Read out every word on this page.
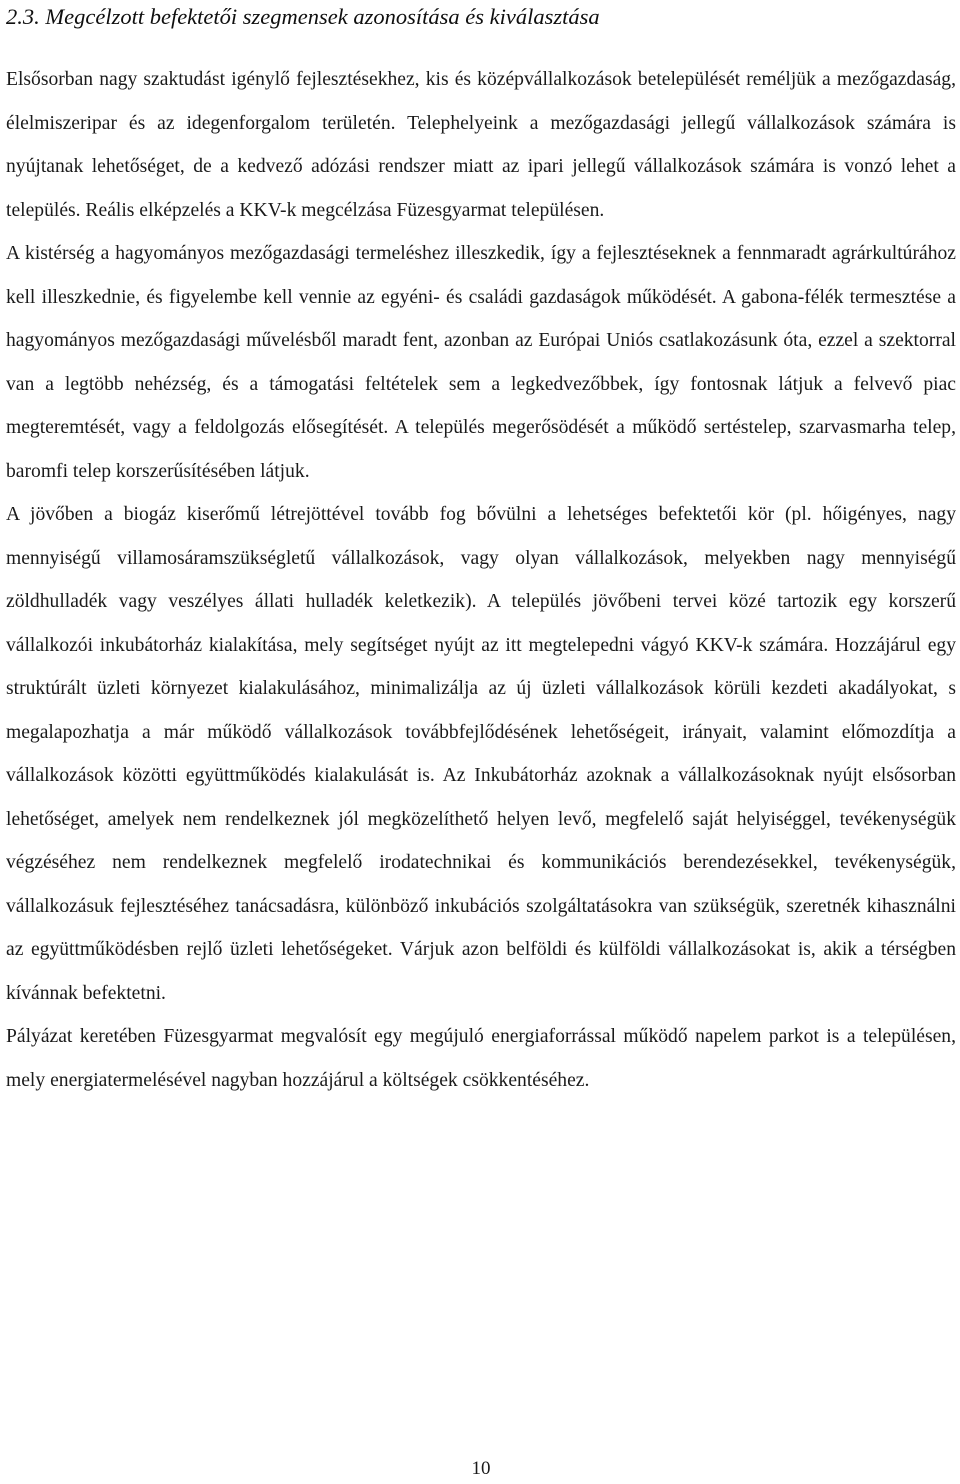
2.3. Megcélzott befektetői szegmensek azonosítása és kiválasztása

Elsősorban nagy szaktudást igénylő fejlesztésekhez, kis és középvállalkozások betelepülését reméljük a mezőgazdaság, élelmiszeripar és az idegenforgalom területén. Telephelyeink a mezőgazdasági jellegű vállalkozások számára is nyújtanak lehetőséget, de a kedvező adózási rendszer miatt az ipari jellegű vállalkozások számára is vonzó lehet a település. Reális elképzelés a KKV-k megcélzása Füzesgyarmat településen.

A kistérség a hagyományos mezőgazdasági termeléshez illeszkedik, így a fejlesztéseknek a fennmaradt agrárkultúrához kell illeszkednie, és figyelembe kell vennie az egyéni- és családi gazdaságok működését. A gabona-félék termesztése a hagyományos mezőgazdasági művelésből maradt fent, azonban az Európai Uniós csatlakozásunk óta, ezzel a szektorral van a legtöbb nehézség, és a támogatási feltételek sem a legkedvezőbbek, így fontosnak látjuk a felvevő piac megteremtését, vagy a feldolgozás elősegítését. A település megerősödését a működő sertéstelep, szarvasmarha telep, baromfi telep korszerűsítésében látjuk.

A jövőben a biogáz kiserőmű létrejöttével tovább fog bővülni a lehetséges befektetői kör (pl. hőigényes, nagy mennyiségű villamosáramszükségletű vállalkozások, vagy olyan vállalkozások, melyekben nagy mennyiségű zöldhulladék vagy veszélyes állati hulladék keletkezik). A település jövőbeni tervei közé tartozik egy korszerű vállalkozói inkubátorház kialakítása, mely segítséget nyújt az itt megtelepedni vágyó KKV-k számára. Hozzájárul egy struktúrált üzleti környezet kialakulásához, minimalizálja az új üzleti vállalkozások körüli kezdeti akadályokat, s megalapozhatja a már működő vállalkozások továbbfejlődésének lehetőségeit, irányait, valamint előmozdítja a vállalkozások közötti együttműködés kialakulását is. Az Inkubátorház azoknak a vállalkozásoknak nyújt elsősorban lehetőséget, amelyek nem rendelkeznek jól megközelíthető helyen levő, megfelelő saját helyiséggel, tevékenységük végzéséhez nem rendelkeznek megfelelő irodatechnikai és kommunikációs berendezésekkel, tevékenységük, vállalkozásuk fejlesztéséhez tanácsadásra, különböző inkubációs szolgáltatásokra van szükségük, szeretnék kihasználni az együttműködésben rejlő üzleti lehetőségeket. Várjuk azon belföldi és külföldi vállalkozásokat is, akik a térségben kívánnak befektetni.

Pályázat keretében Füzesgyarmat megvalósít egy megújuló energiaforrással működő napelem parkot is a településen, mely energiatermelésével nagyban hozzájárul a költségek csökkentéséhez.

10
